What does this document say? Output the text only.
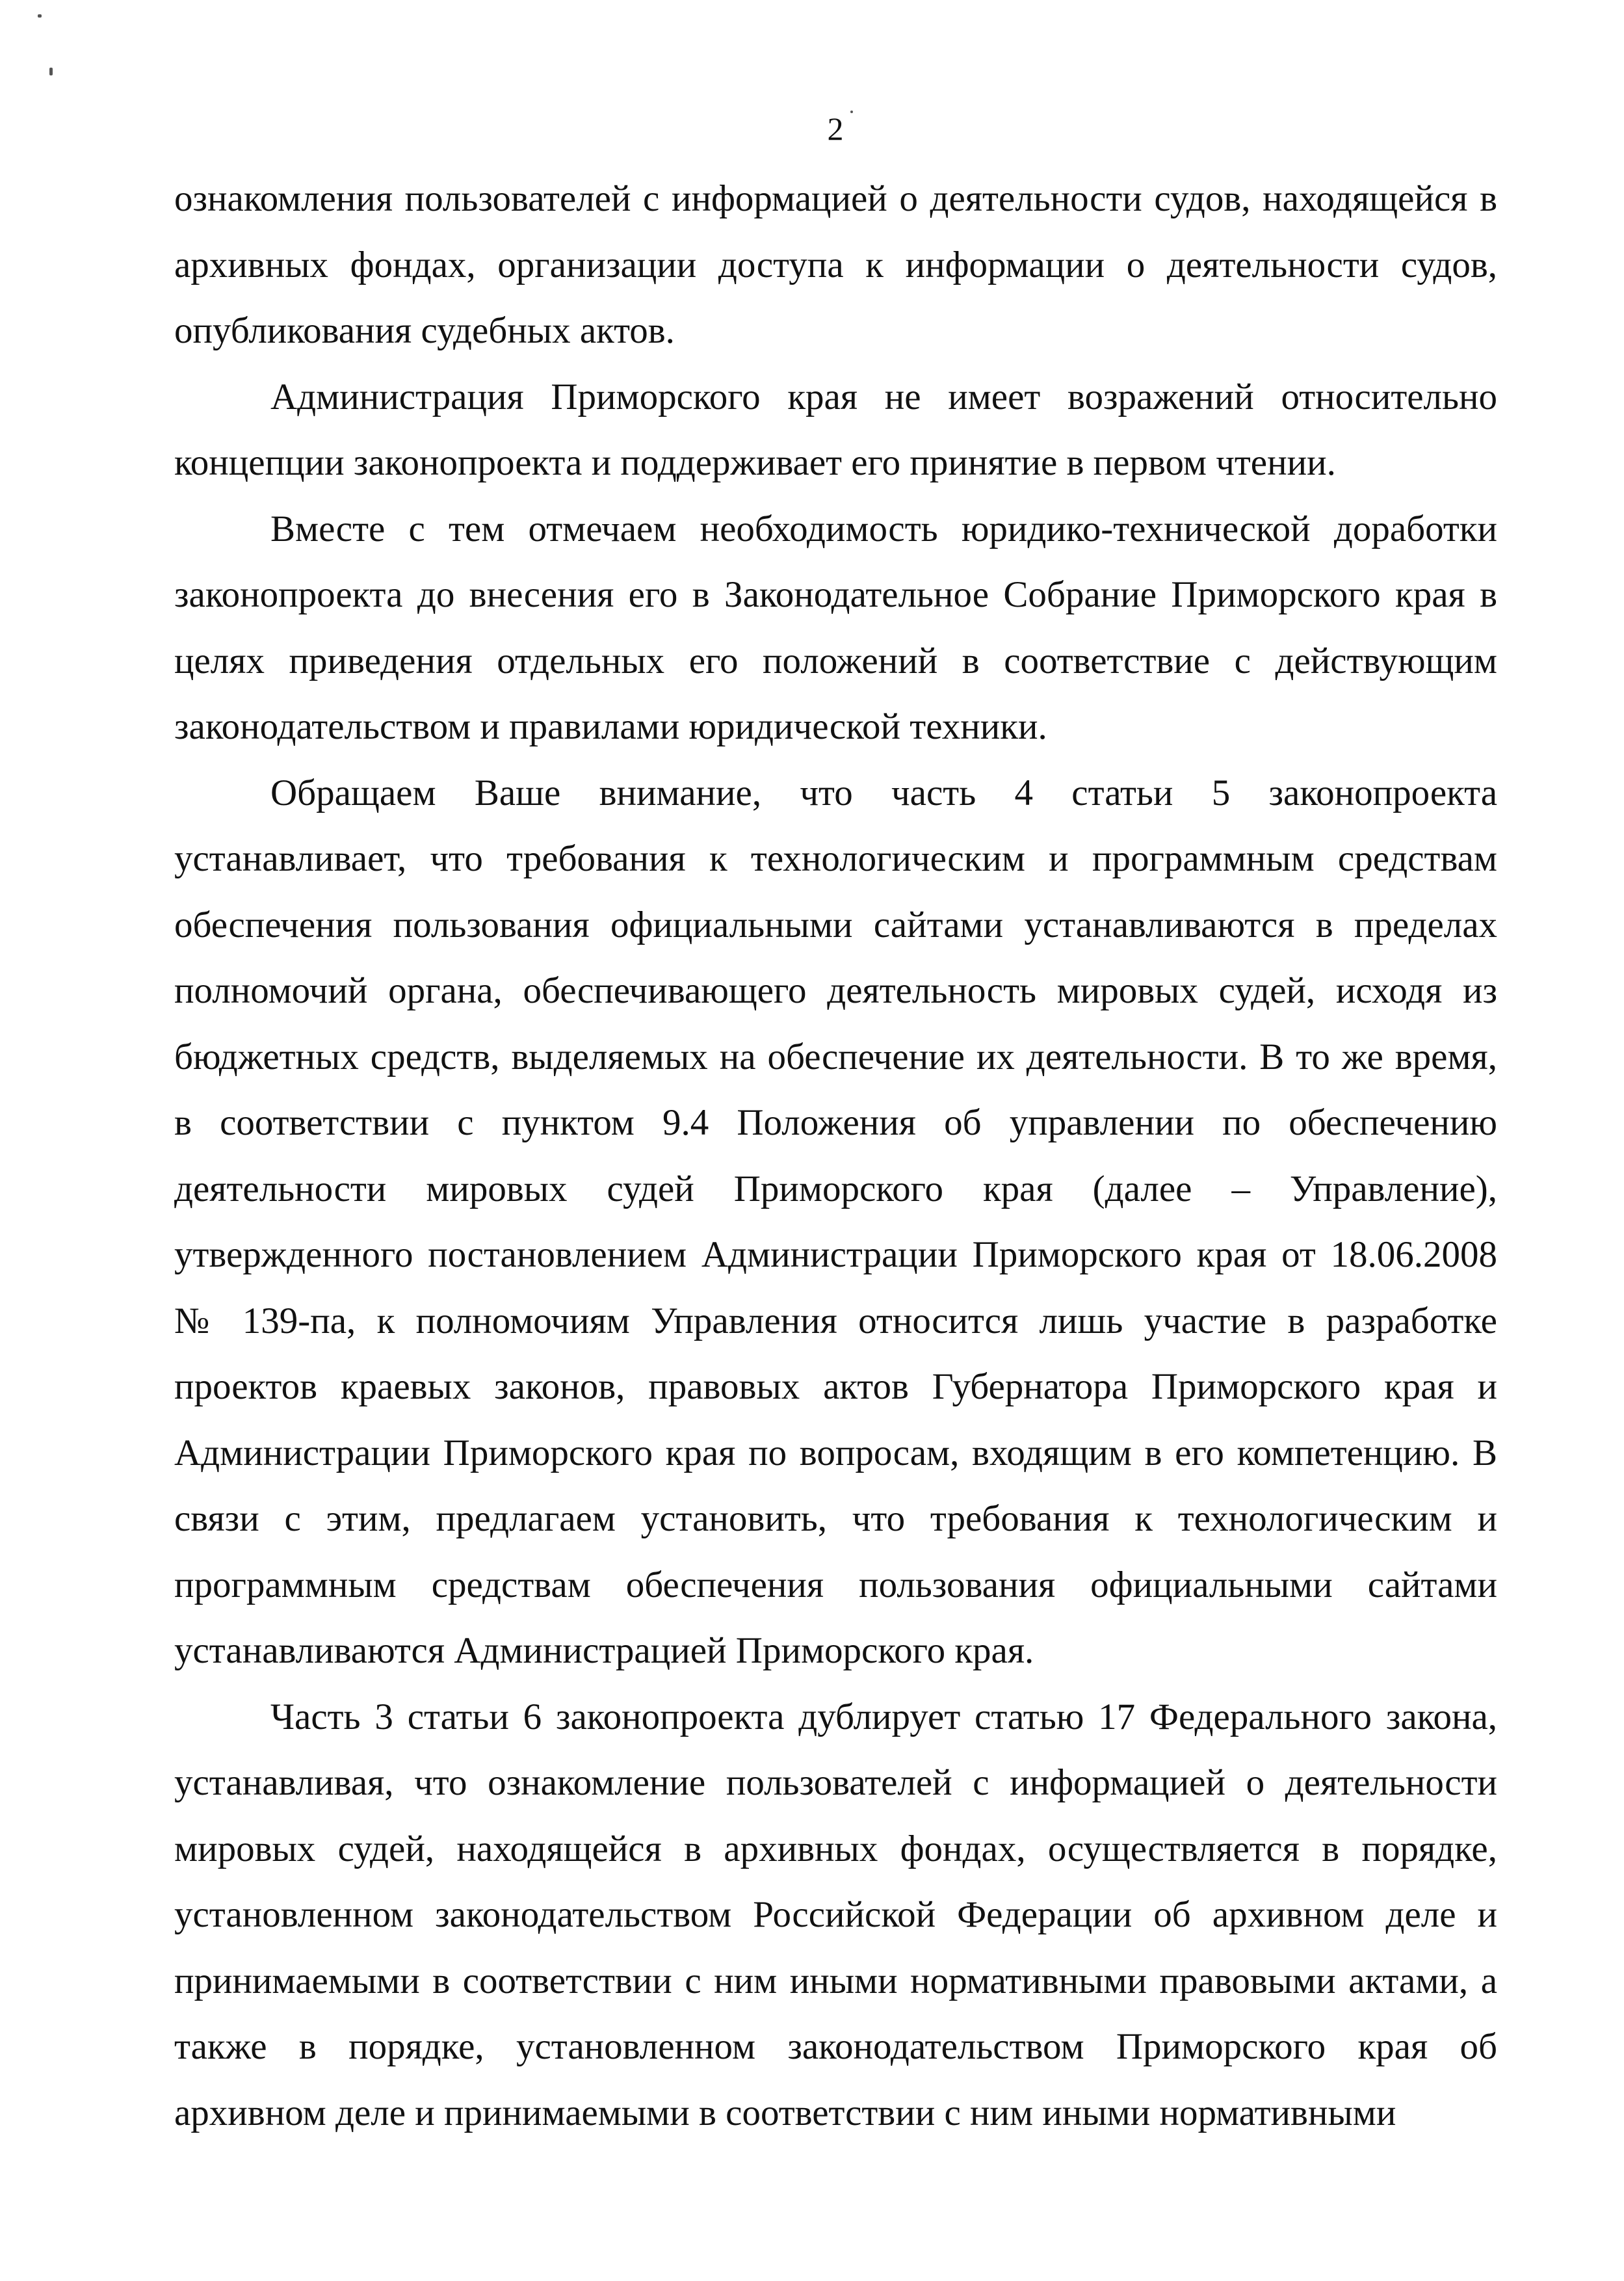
2

ознакомления пользователей с информацией о деятельности судов, находящейся в архивных фондах, организации доступа к информации о деятельности судов, опубликования судебных актов.

Администрация Приморского края не имеет возражений относительно концепции законопроекта и поддерживает его принятие в первом чтении.

Вместе с тем отмечаем необходимость юридико-технической доработки законопроекта до внесения его в Законодательное Собрание Приморского края в целях приведения отдельных его положений в соответствие с действующим законодательством и правилами юридической техники.

Обращаем Ваше внимание, что часть 4 статьи 5 законопроекта устанавливает, что требования к технологическим и программным средствам обеспечения пользования официальными сайтами устанавливаются в пределах полномочий органа, обеспечивающего деятельность мировых судей, исходя из бюджетных средств, выделяемых на обеспечение их деятельности. В то же время, в соответствии с пунктом 9.4 Положения об управлении по обеспечению деятельности мировых судей Приморского края (далее – Управление), утвержденного постановлением Администрации Приморского края от 18.06.2008 № 139-па, к полномочиям Управления относится лишь участие в разработке проектов краевых законов, правовых актов Губернатора Приморского края и Администрации Приморского края по вопросам, входящим в его компетенцию. В связи с этим, предлагаем установить, что требования к технологическим и программным средствам обеспечения пользования официальными сайтами устанавливаются Администрацией Приморского края.

Часть 3 статьи 6 законопроекта дублирует статью 17 Федерального закона, устанавливая, что ознакомление пользователей с информацией о деятельности мировых судей, находящейся в архивных фондах, осуществляется в порядке, установленном законодательством Российской Федерации об архивном деле и принимаемыми в соответствии с ним иными нормативными правовыми актами, а также в порядке, установленном законодательством Приморского края об архивном деле и принимаемыми в соответствии с ним иными нормативными
